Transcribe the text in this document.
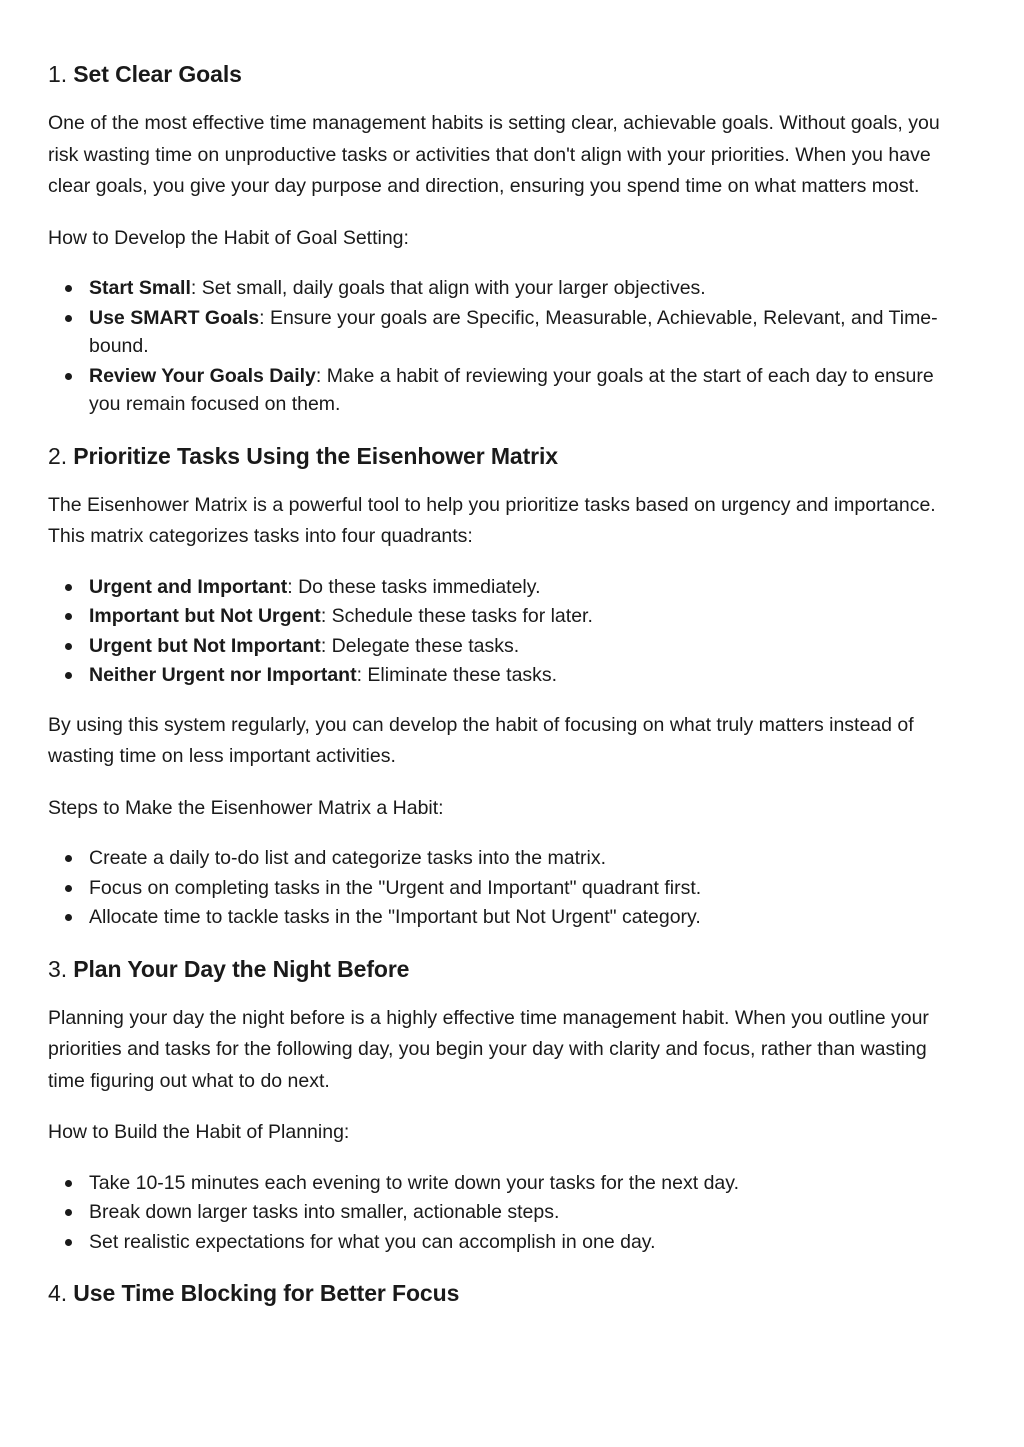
1. Set Clear Goals

One of the most effective time management habits is setting clear, achievable goals. Without goals, you risk wasting time on unproductive tasks or activities that don't align with your priorities. When you have clear goals, you give your day purpose and direction, ensuring you spend time on what matters most.

How to Develop the Habit of Goal Setting:

Start Small: Set small, daily goals that align with your larger objectives.
Use SMART Goals: Ensure your goals are Specific, Measurable, Achievable, Relevant, and Time-bound.
Review Your Goals Daily: Make a habit of reviewing your goals at the start of each day to ensure you remain focused on them.
2. Prioritize Tasks Using the Eisenhower Matrix

The Eisenhower Matrix is a powerful tool to help you prioritize tasks based on urgency and importance. This matrix categorizes tasks into four quadrants:

Urgent and Important: Do these tasks immediately.
Important but Not Urgent: Schedule these tasks for later.
Urgent but Not Important: Delegate these tasks.
Neither Urgent nor Important: Eliminate these tasks.

By using this system regularly, you can develop the habit of focusing on what truly matters instead of wasting time on less important activities.

Steps to Make the Eisenhower Matrix a Habit:

Create a daily to-do list and categorize tasks into the matrix.
Focus on completing tasks in the "Urgent and Important" quadrant first.
Allocate time to tackle tasks in the "Important but Not Urgent" category.
3. Plan Your Day the Night Before

Planning your day the night before is a highly effective time management habit. When you outline your priorities and tasks for the following day, you begin your day with clarity and focus, rather than wasting time figuring out what to do next.

How to Build the Habit of Planning:

Take 10-15 minutes each evening to write down your tasks for the next day.
Break down larger tasks into smaller, actionable steps.
Set realistic expectations for what you can accomplish in one day.
4. Use Time Blocking for Better Focus
